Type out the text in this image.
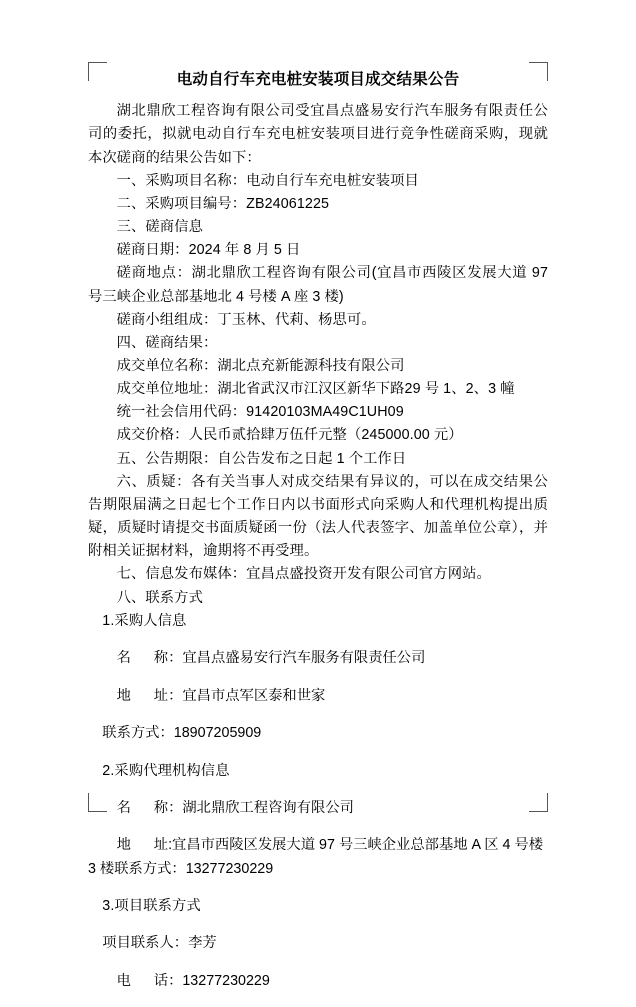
电动自行车充电桩安装项目成交结果公告

湖北鼎欣工程咨询有限公司受宜昌点盛易安行汽车服务有限责任公司的委托，拟就电动自行车充电桩安装项目进行竞争性磋商采购，现就本次磋商的结果公告如下：

一、采购项目名称：电动自行车充电桩安装项目

二、采购项目编号：ZB24061225

三、磋商信息

磋商日期：2024 年 8 月 5 日

磋商地点：湖北鼎欣工程咨询有限公司(宜昌市西陵区发展大道 97 号三峡企业总部基地北 4 号楼 A 座 3 楼)

磋商小组组成：丁玉林、代莉、杨思可。

四、磋商结果：

成交单位名称：湖北点充新能源科技有限公司

成交单位地址：湖北省武汉市江汉区新华下路29 号 1、2、3 幢

统一社会信用代码：91420103MA49C1UH09

成交价格：人民币贰拾肆万伍仟元整（245000.00 元）

五、公告期限：自公告发布之日起 1 个工作日

六、质疑：各有关当事人对成交结果有异议的，可以在成交结果公告期限届满之日起七个工作日内以书面形式向采购人和代理机构提出质疑，质疑时请提交书面质疑函一份（法人代表签字、加盖单位公章），并附相关证据材料，逾期将不再受理。

七、信息发布媒体：宜昌点盛投资开发有限公司官方网站。

八、联系方式

1.采购人信息

名称：宜昌点盛易安行汽车服务有限责任公司

地址：宜昌市点军区泰和世家

联系方式：18907205909

2.采购代理机构信息

名称：湖北鼎欣工程咨询有限公司

地址:宜昌市西陵区发展大道 97 号三峡企业总部基地 A 区 4 号楼 3 楼联系方式：13277230229

3.项目联系方式

项目联系人：李芳

电话：13277230229
